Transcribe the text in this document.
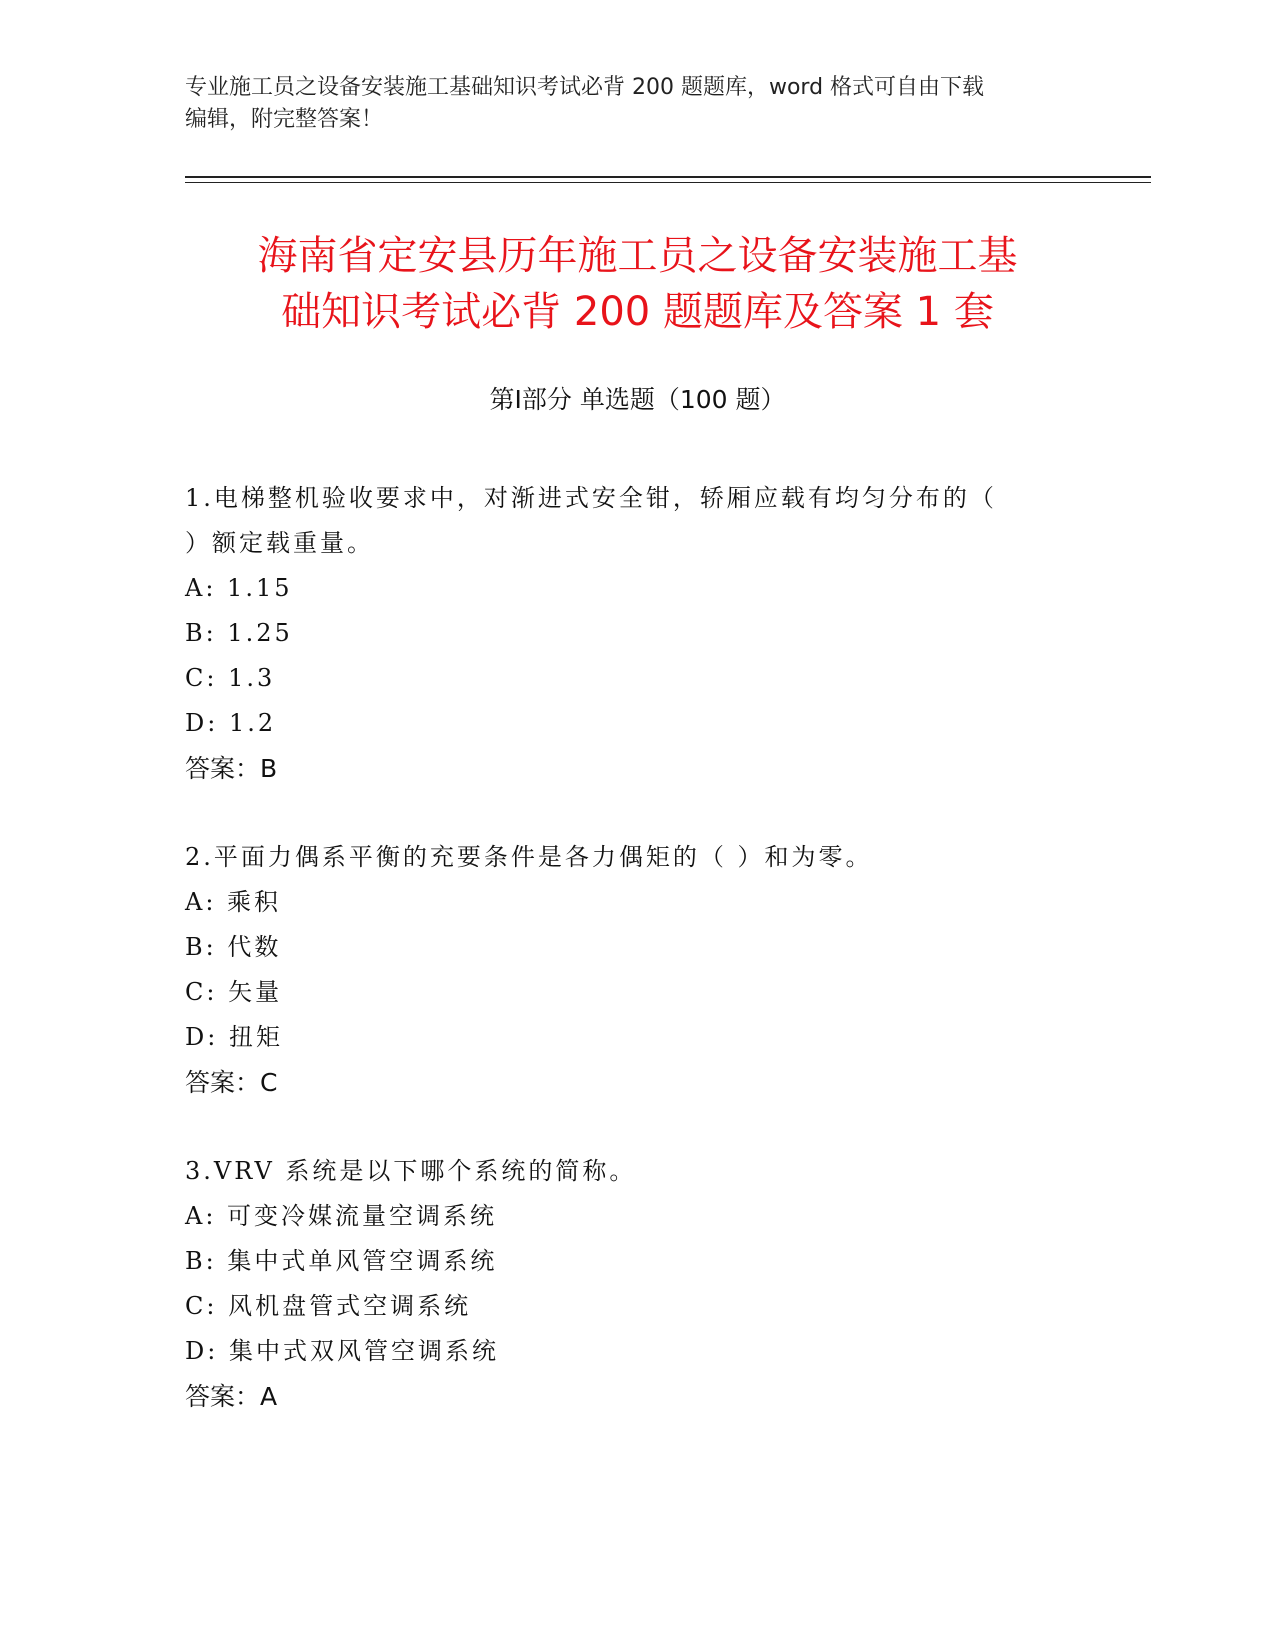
专业施工员之设备安装施工基础知识考试必背 200 题题库，word 格式可自由下载
编辑，附完整答案！
海南省定安县历年施工员之设备安装施工基
础知识考试必背 200 题题库及答案 1 套
第Ⅰ部分 单选题（100 题）

1.电梯整机验收要求中，对渐进式安全钳，轿厢应载有均匀分布的（
）额定载重量。

A: 1.15
B: 1.25
C: 1.3
D: 1.2
答案：B

2.平面力偶系平衡的充要条件是各力偶矩的（ ）和为零。

A: 乘积
B: 代数
C: 矢量
D: 扭矩
答案：C

3.VRV 系统是以下哪个系统的简称。

A: 可变冷媒流量空调系统
B: 集中式单风管空调系统
C: 风机盘管式空调系统
D: 集中式双风管空调系统
答案：A
